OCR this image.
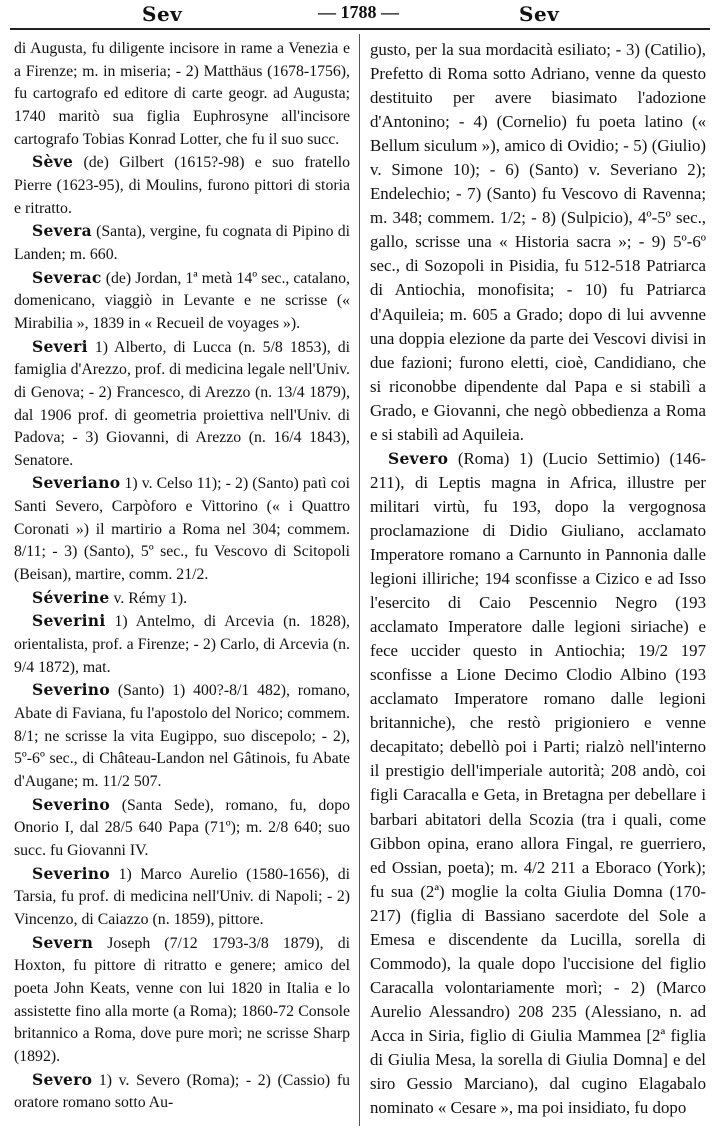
Sev	— 1788 —	Sev

di Augusta, fu diligente incisore in rame a Venezia e a Firenze; m. in miseria; - 2) Matthäus (1678-1756), fu cartografo ed editore di carte geogr. ad Augusta; 1740 maritò sua figlia Euphrosyne all'incisore cartografo Tobias Konrad Lotter, che fu il suo succ.

Sève (de) Gilbert (1615?-98) e suo fratello Pierre (1623-95), di Moulins, furono pittori di storia e ritratto.

Severa (Santa), vergine, fu cognata di Pipino di Landen; m. 660.

Severac (de) Jordan, 1ª metà 14º sec., catalano, domenicano, viaggiò in Levante e ne scrisse (« Mirabilia », 1839 in « Recueil de voyages »).

Severi 1) Alberto, di Lucca (n. 5/8 1853), di famiglia d'Arezzo, prof. di medicina legale nell'Univ. di Genova; - 2) Francesco, di Arezzo (n. 13/4 1879), dal 1906 prof. di geometria proiettiva nell'Univ. di Padova; - 3) Giovanni, di Arezzo (n. 16/4 1843), Senatore.

Severiano 1) v. Celso 11); - 2) (Santo) patì coi Santi Severo, Carpòforo e Vittorino (« i Quattro Coronati ») il martirio a Roma nel 304; commem. 8/11; - 3) (Santo), 5º sec., fu Vescovo di Scitopoli (Beisan), martire, comm. 21/2.

Séverine v. Rémy 1).

Severini 1) Antelmo, di Arcevia (n. 1828), orientalista, prof. a Firenze; - 2) Carlo, di Arcevia (n. 9/4 1872), mat.

Severino (Santo) 1) 400?-8/1 482), romano, Abate di Faviana, fu l'apostolo del Norico; commem. 8/1; ne scrisse la vita Eugippo, suo discepolo; - 2), 5º-6º sec., di Château-Landon nel Gâtinois, fu Abate d'Augane; m. 11/2 507.

Severino (Santa Sede), romano, fu, dopo Onorio I, dal 28/5 640 Papa (71º); m. 2/8 640; suo succ. fu Giovanni IV.

Severino 1) Marco Aurelio (1580-1656), di Tarsia, fu prof. di medicina nell'Univ. di Napoli; - 2) Vincenzo, di Caiazzo (n. 1859), pittore.

Severn Joseph (7/12 1793-3/8 1879), di Hoxton, fu pittore di ritratto e genere; amico del poeta John Keats, venne con lui 1820 in Italia e lo assistette fino alla morte (a Roma); 1860-72 Console britannico a Roma, dove pure morì; ne scrisse Sharp (1892).

Severo 1) v. Severo (Roma); - 2) (Cassio) fu oratore romano sotto Au-

gusto, per la sua mordacità esiliato; - 3) (Catilio), Prefetto di Roma sotto Adriano, venne da questo destituito per avere biasimato l'adozione d'Antonino; - 4) (Cornelio) fu poeta latino (« Bellum siculum »), amico di Ovidio; - 5) (Giulio) v. Simone 10); - 6) (Santo) v. Severiano 2); Endelechio; - 7) (Santo) fu Vescovo di Ravenna; m. 348; commem. 1/2; - 8) (Sulpicio), 4º-5º sec., gallo, scrisse una « Historia sacra »; - 9) 5º-6º sec., di Sozopoli in Pisidia, fu 512-518 Patriarca di Antiochia, monofisita; - 10) fu Patriarca d'Aquileia; m. 605 a Grado; dopo di lui avvenne una doppia elezione da parte dei Vescovi divisi in due fazioni; furono eletti, cioè, Candidiano, che si riconobbe dipendente dal Papa e si stabilì a Grado, e Giovanni, che negò obbedienza a Roma e si stabilì ad Aquileia.

Severo (Roma) 1) (Lucio Settimio) (146-211), di Leptis magna in Africa, illustre per militari virtù, fu 193, dopo la vergognosa proclamazione di Didio Giuliano, acclamato Imperatore romano a Carnunto in Pannonia dalle legioni illiriche; 194 sconfisse a Cizico e ad Isso l'esercito di Caio Pescennio Negro (193 acclamato Imperatore dalle legioni siriache) e fece uccider questo in Antiochia; 19/2 197 sconfisse a Lione Decimo Clodio Albino (193 acclamato Imperatore romano dalle legioni britanniche), che restò prigioniero e venne decapitato; debellò poi i Parti; rialzò nell'interno il prestigio dell'imperiale autorità; 208 andò, coi figli Caracalla e Geta, in Bretagna per debellare i barbari abitatori della Scozia (tra i quali, come Gibbon opina, erano allora Fingal, re guerriero, ed Ossian, poeta); m. 4/2 211 a Eboraco (York); fu sua (2ª) moglie la colta Giulia Domna (170-217) (figlia di Bassiano sacerdote del Sole a Emesa e discendente da Lucilla, sorella di Commodo), la quale dopo l'uccisione del figlio Caracalla volontariamente morì; - 2) (Marco Aurelio Alessandro) 208 235 (Alessiano, n. ad Acca in Siria, figlio di Giulia Mammea [2ª figlia di Giulia Mesa, la sorella di Giulia Domna] e del siro Gessio Marciano), dal cugino Elagabalo nominato « Cesare », ma poi insidiato, fu dopo
